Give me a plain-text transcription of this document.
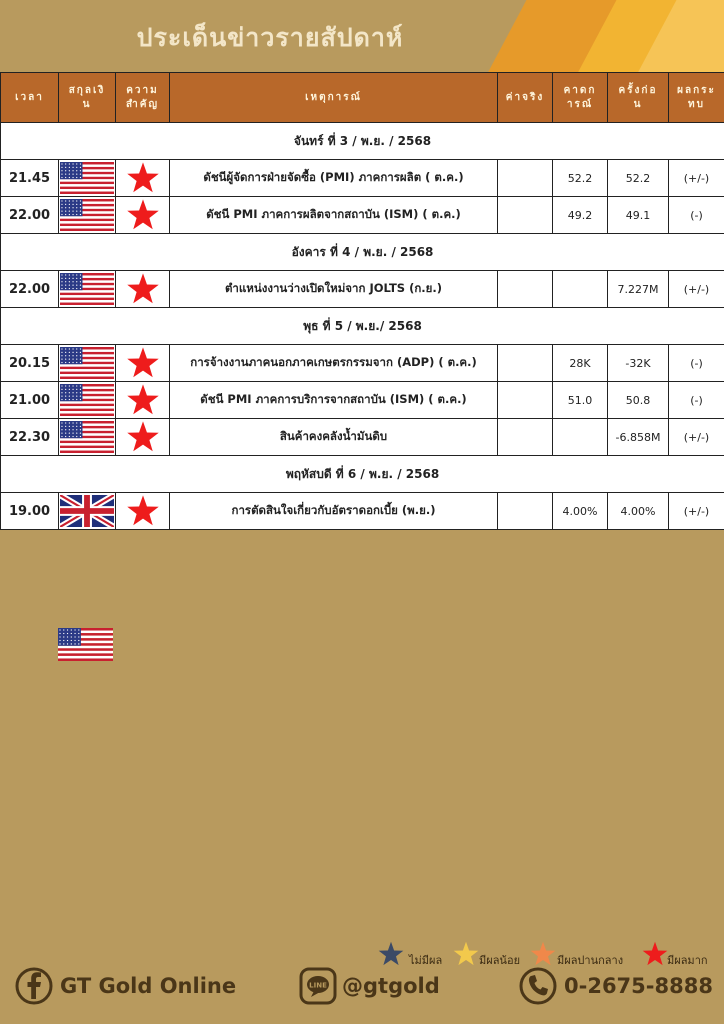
ประเด็นข่าวรายสัปดาห์
เวลา	สกุลเงิน	ความสำคัญ	เหตุการณ์	ค่าจริง	คาดการณ์	ครั้งก่อน	ผลกระทบ
จันทร์ ที่ 3 / พ.ย. / 2568							
21.45			ดัชนีผู้จัดการฝ่ายจัดซื้อ (PMI) ภาคการผลิต ( ต.ค.)		52.2	52.2	(+/-)
22.00			ดัชนี PMI ภาคการผลิตจากสถาบัน (ISM) ( ต.ค.)		49.2	49.1	(-)
อังคาร ที่ 4 / พ.ย. / 2568							
22.00			ตำแหน่งงานว่างเปิดใหม่จาก JOLTS (ก.ย.)			7.227M	(+/-)
พุธ ที่ 5 / พ.ย./ 2568							
20.15			การจ้างงานภาคนอกภาคเกษตรกรรมจาก (ADP) ( ต.ค.)		28K	-32K	(-)
21.00			ดัชนี PMI ภาคการบริการจากสถาบัน (ISM) ( ต.ค.)		51.0	50.8	(-)
22.30			สินค้าคงคลังน้ำมันดิบ			-6.858M	(+/-)
พฤหัสบดี ที่ 6 / พ.ย. / 2568							
19.00			การตัดสินใจเกี่ยวกับอัตราดอกเบี้ย (พ.ย.)		4.00%	4.00%	(+/-)
ไม่มีผล	มีผลน้อย	มีผลปานกลาง	มีผลมาก
GT Gold Online	LINE @gtgold	0-2675-8888
